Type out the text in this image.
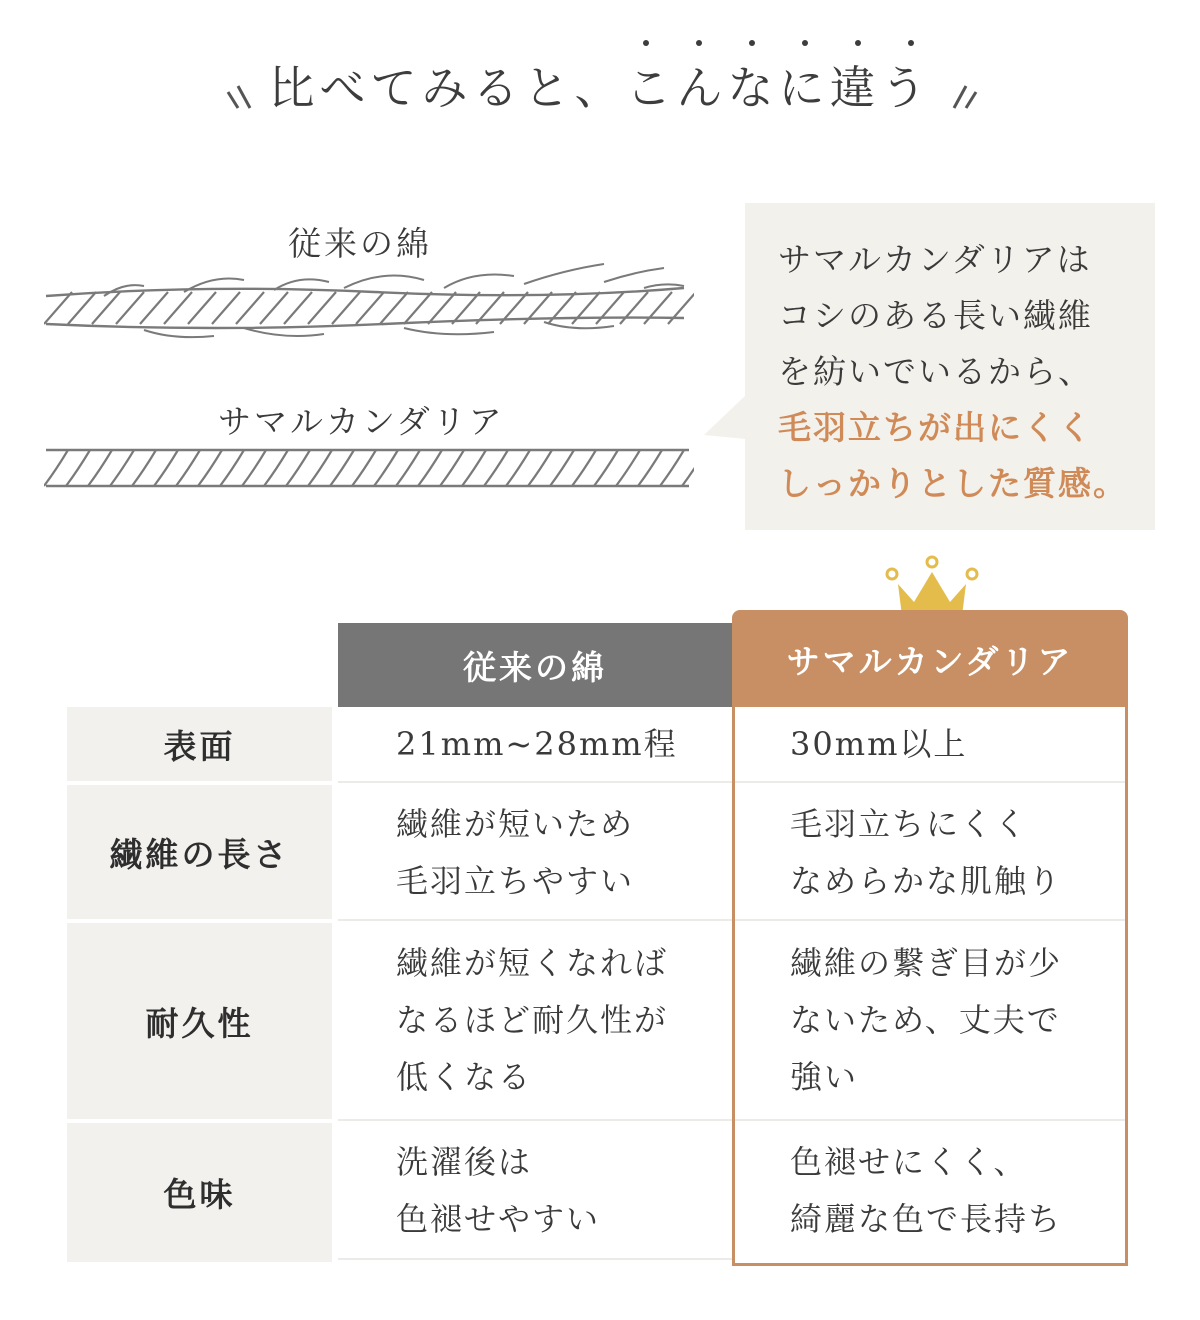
比べてみると、こんなに違う
従来の綿
サマルカンダリア
サマルカンダリアは
コシのある長い繊維
を紡いでいるから、
毛羽立ちが出にくく
しっかりとした質感。
従来の綿	サマルカンダリア
表面
繊維の長さ
耐久性
色味
21mm~28mm程	30mm以上
繊維が短いため
毛羽立ちやすい
毛羽立ちにくく
なめらかな肌触り
繊維が短くなれば
なるほど耐久性が
低くなる
繊維の繋ぎ目が少
ないため、丈夫で
強い
洗濯後は
色褪せやすい
色褪せにくく、
綺麗な色で長持ち
